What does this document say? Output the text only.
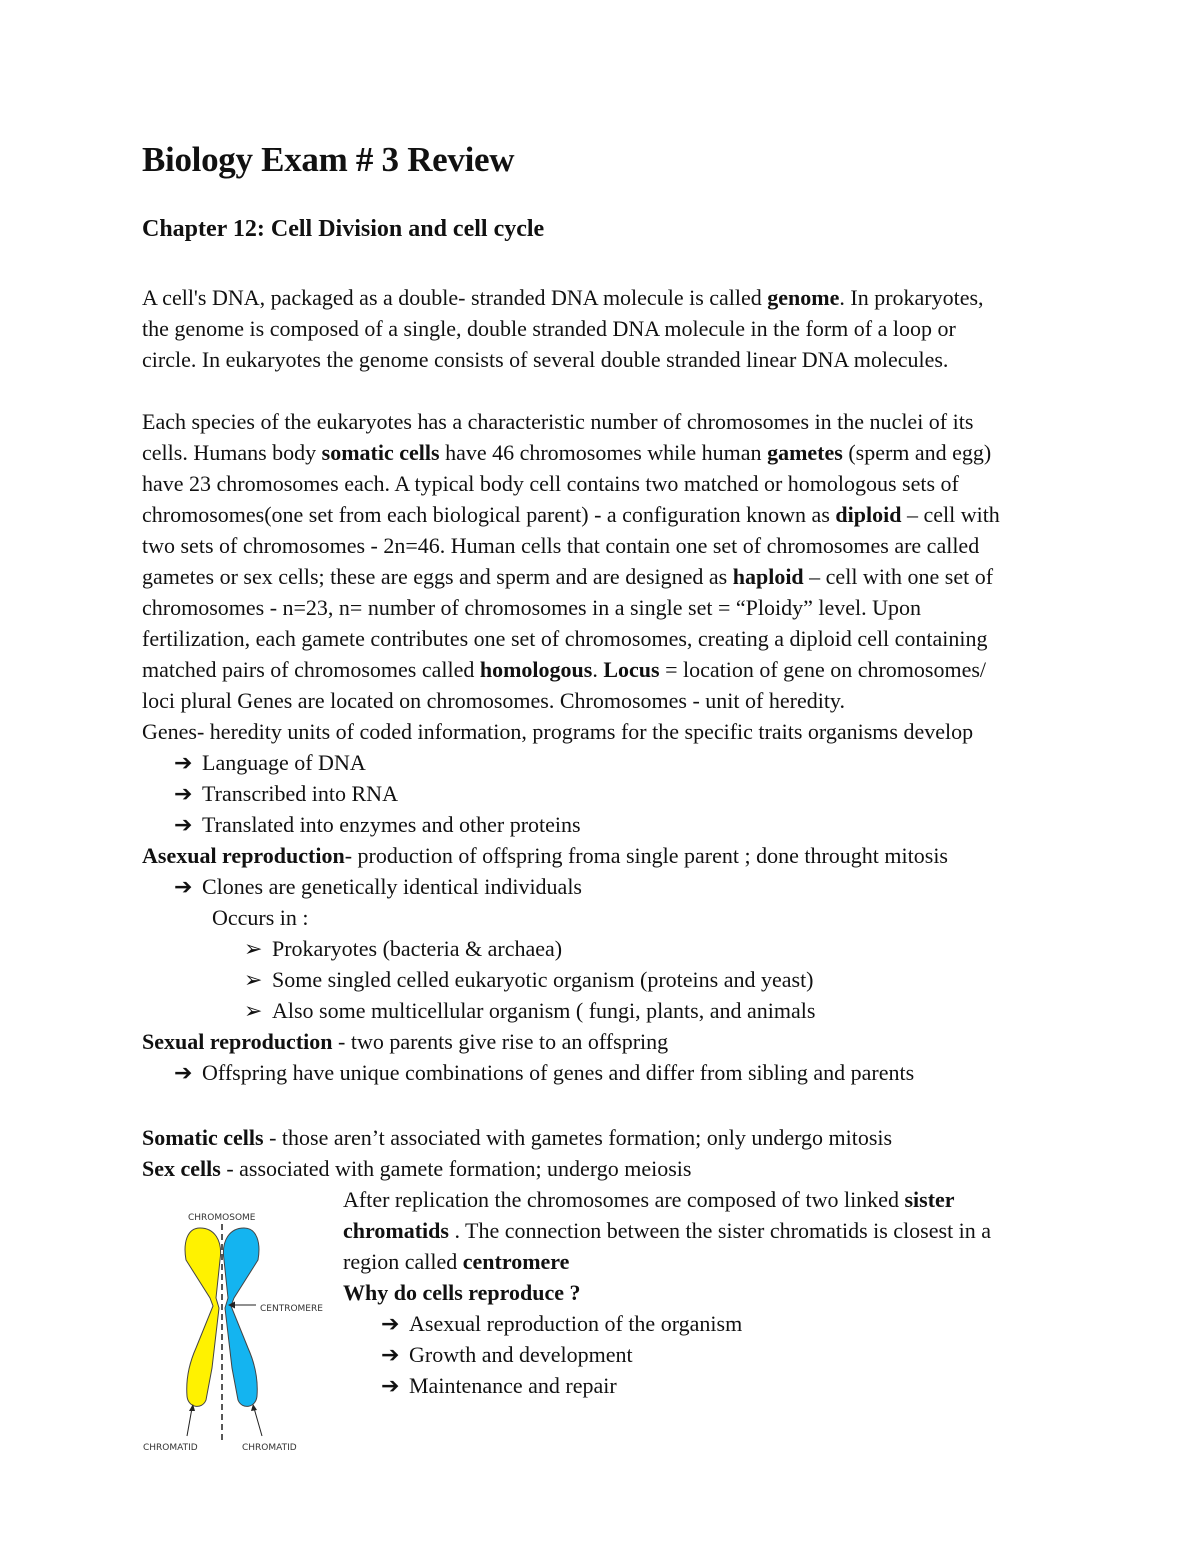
Biology Exam # 3 Review
Chapter 12: Cell Division and cell cycle
A cell's DNA, packaged as a double- stranded DNA molecule is called genome. In prokaryotes,
the genome is composed of a single, double stranded DNA molecule in the form of a loop or
circle. In eukaryotes the genome consists of several double stranded linear DNA molecules.
Each species of the eukaryotes has a characteristic number of chromosomes in the nuclei of its
cells. Humans body somatic cells have 46 chromosomes while human gametes (sperm and egg)
have 23 chromosomes each. A typical body cell contains two matched or homologous sets of
chromosomes(one set from each biological parent) - a configuration known as diploid – cell with
two sets of chromosomes - 2n=46. Human cells that contain one set of chromosomes are called
gametes or sex cells; these are eggs and sperm and are designed as haploid – cell with one set of
chromosomes - n=23, n= number of chromosomes in a single set = “Ploidy” level. Upon
fertilization, each gamete contributes one set of chromosomes, creating a diploid cell containing
matched pairs of chromosomes called homologous. Locus = location of gene on chromosomes/
loci plural Genes are located on chromosomes. Chromosomes - unit of heredity.
Genes- heredity units of coded information, programs for the specific traits organisms develop
➔ Language of DNA
➔ Transcribed into RNA
➔ Translated into enzymes and other proteins
Asexual reproduction- production of offspring froma single parent ; done throught mitosis
➔ Clones are genetically identical individuals
Occurs in :
➢ Prokaryotes (bacteria & archaea)
➢ Some singled celled eukaryotic organism (proteins and yeast)
➢ Also some multicellular organism ( fungi, plants, and animals
Sexual reproduction - two parents give rise to an offspring
➔ Offspring have unique combinations of genes and differ from sibling and parents
Somatic cells - those aren’t associated with gametes formation; only undergo mitosis
Sex cells - associated with gamete formation; undergo meiosis
After replication the chromosomes are composed of two linked sister
chromatids . The connection between the sister chromatids is closest in a
region called centromere
Why do cells reproduce ?
➔ Asexual reproduction of the organism
➔ Growth and development
➔ Maintenance and repair
CHROMOSOME
CENTROMERE
CHROMATID	CHROMATID
